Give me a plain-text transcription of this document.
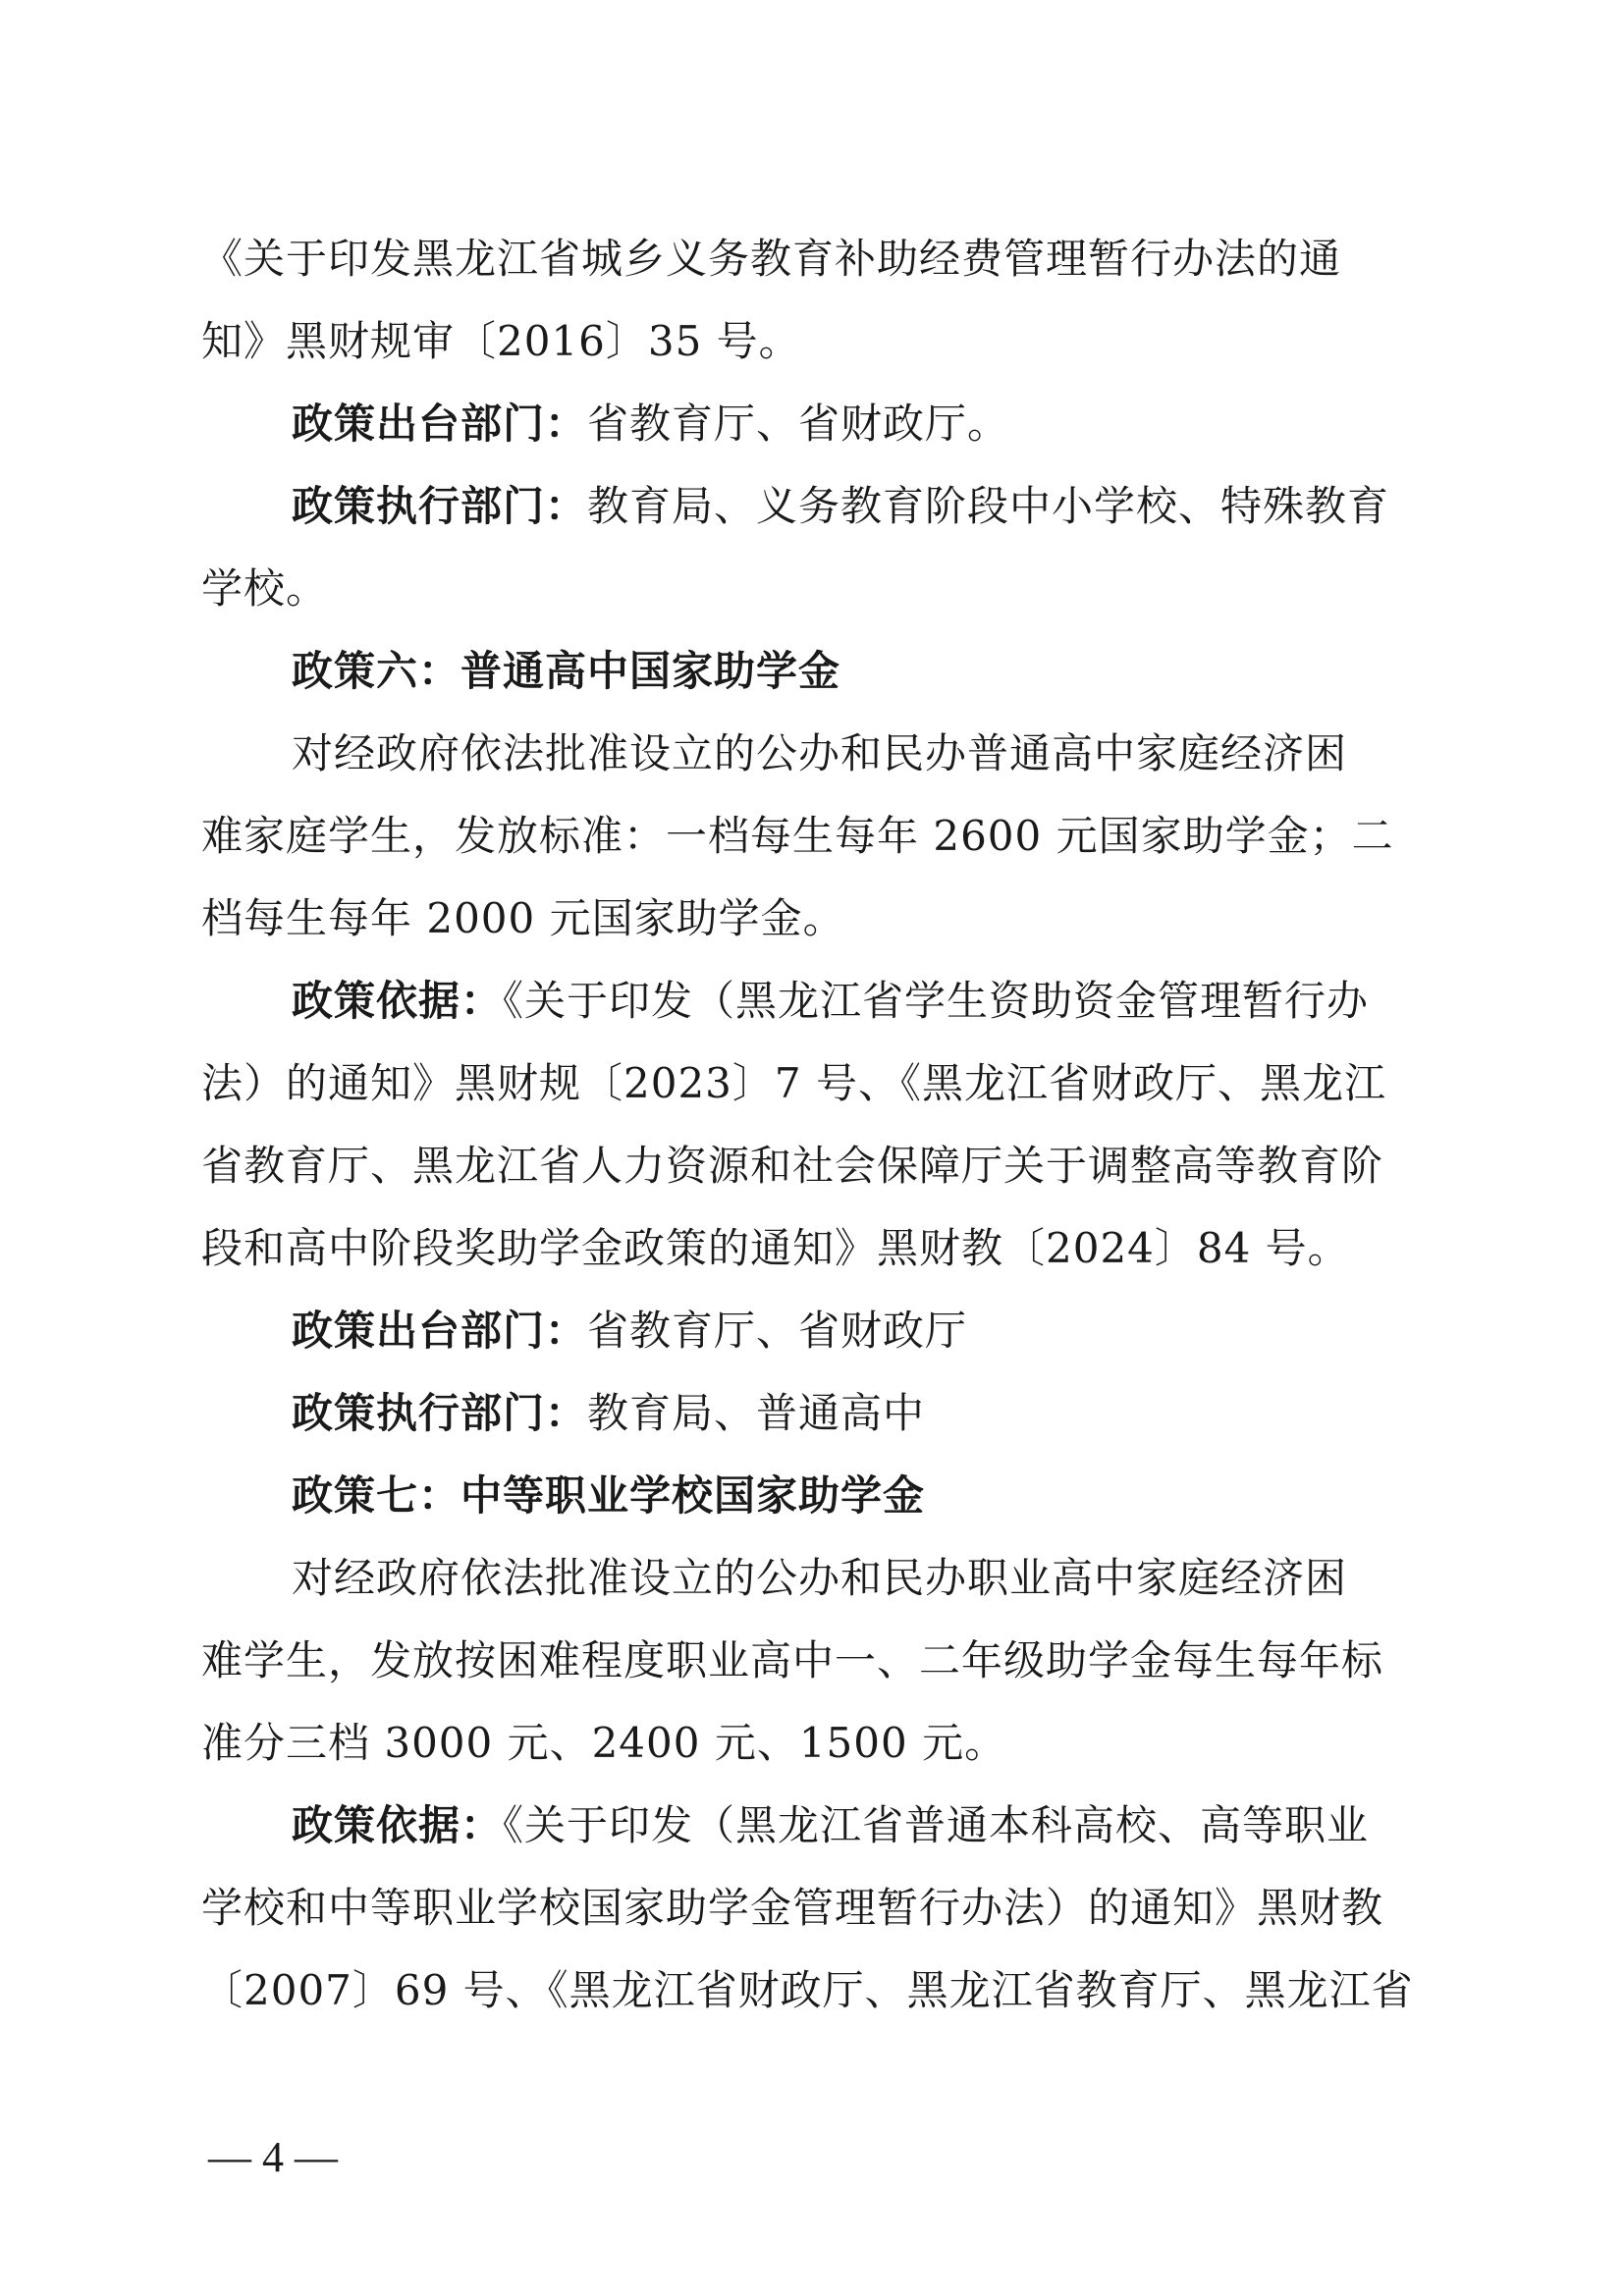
《关于印发黑龙江省城乡义务教育补助经费管理暂行办法的通
知》黑财规审〔2016〕35 号。
政策出台部门：省教育厅、省财政厅。
政策执行部门：教育局、义务教育阶段中小学校、特殊教育
学校。
政策六：普通高中国家助学金
对经政府依法批准设立的公办和民办普通高中家庭经济困
难家庭学生，发放标准：一档每生每年 2600 元国家助学金；二
档每生每年 2000 元国家助学金。
政策依据：《关于印发（黑龙江省学生资助资金管理暂行办
法）的通知》黑财规〔2023〕7 号、《黑龙江省财政厅、黑龙江
省教育厅、黑龙江省人力资源和社会保障厅关于调整高等教育阶
段和高中阶段奖助学金政策的通知》黑财教〔2024〕84 号。
政策出台部门：省教育厅、省财政厅
政策执行部门：教育局、普通高中
政策七：中等职业学校国家助学金
对经政府依法批准设立的公办和民办职业高中家庭经济困
难学生，发放按困难程度职业高中一、二年级助学金每生每年标
准分三档 3000 元、2400 元、1500 元。
政策依据：《关于印发（黑龙江省普通本科高校、高等职业
学校和中等职业学校国家助学金管理暂行办法）的通知》黑财教
〔2007〕69 号、《黑龙江省财政厅、黑龙江省教育厅、黑龙江省
— 4 —
